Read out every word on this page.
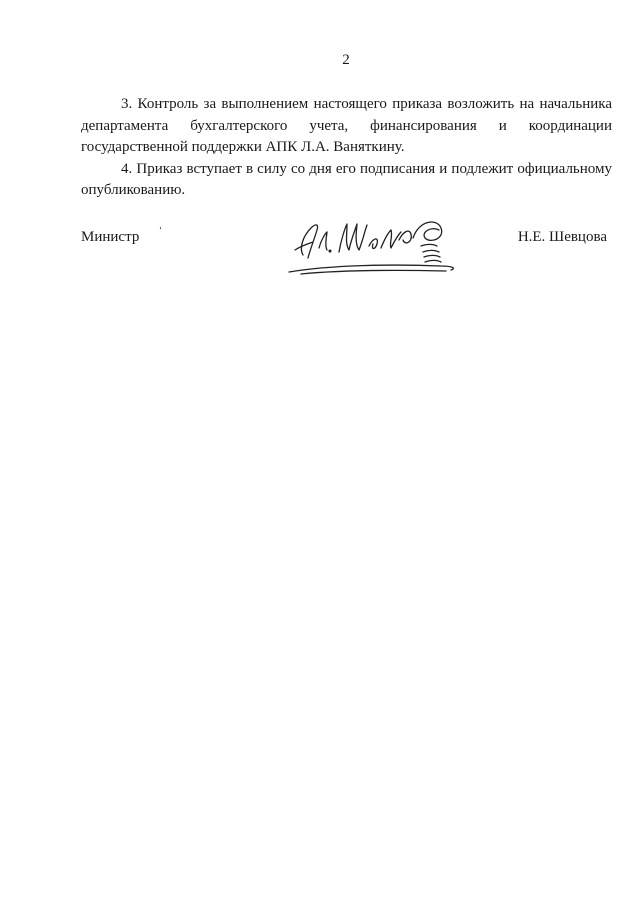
2

3. Контроль за выполнением настоящего приказа возложить на начальника департамента бухгалтерского учета, финансирования и координации государственной поддержки АПК Л.А. Ваняткину.

4. Приказ вступает в силу со дня его подписания и подлежит официальному опубликованию.

Министр ‘	Н.Е. Шевцова
